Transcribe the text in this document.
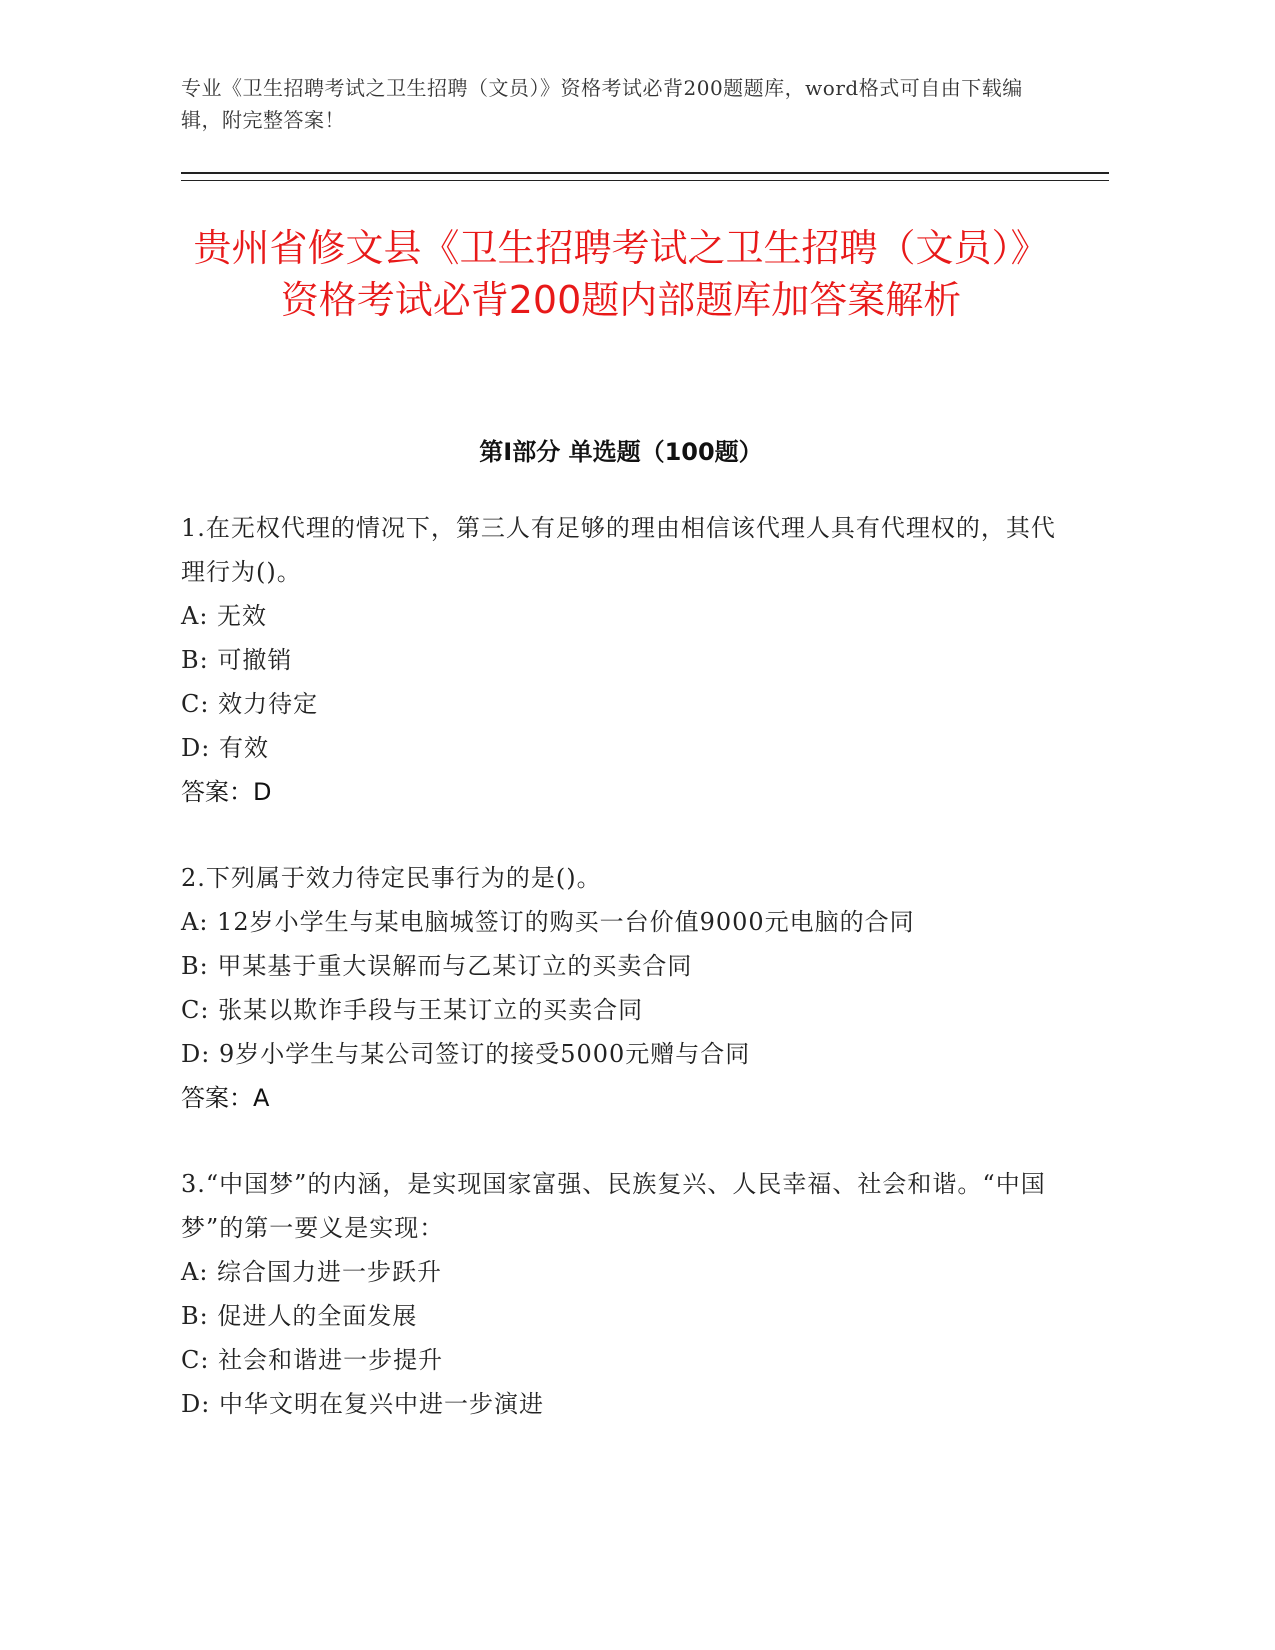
专业《卫生招聘考试之卫生招聘（文员）》资格考试必背200题题库，word格式可自由下载编辑，附完整答案！
贵州省修文县《卫生招聘考试之卫生招聘（文员）》资格考试必背200题内部题库加答案解析
第I部分 单选题（100题）
1.在无权代理的情况下，第三人有足够的理由相信该代理人具有代理权的，其代理行为()。
A: 无效
B: 可撤销
C: 效力待定
D: 有效
答案：D
2.下列属于效力待定民事行为的是()。
A: 12岁小学生与某电脑城签订的购买一台价值9000元电脑的合同
B: 甲某基于重大误解而与乙某订立的买卖合同
C: 张某以欺诈手段与王某订立的买卖合同
D: 9岁小学生与某公司签订的接受5000元赠与合同
答案：A
3.“中国梦”的内涵，是实现国家富强、民族复兴、人民幸福、社会和谐。“中国梦”的第一要义是实现：
A: 综合国力进一步跃升
B: 促进人的全面发展
C: 社会和谐进一步提升
D: 中华文明在复兴中进一步演进
